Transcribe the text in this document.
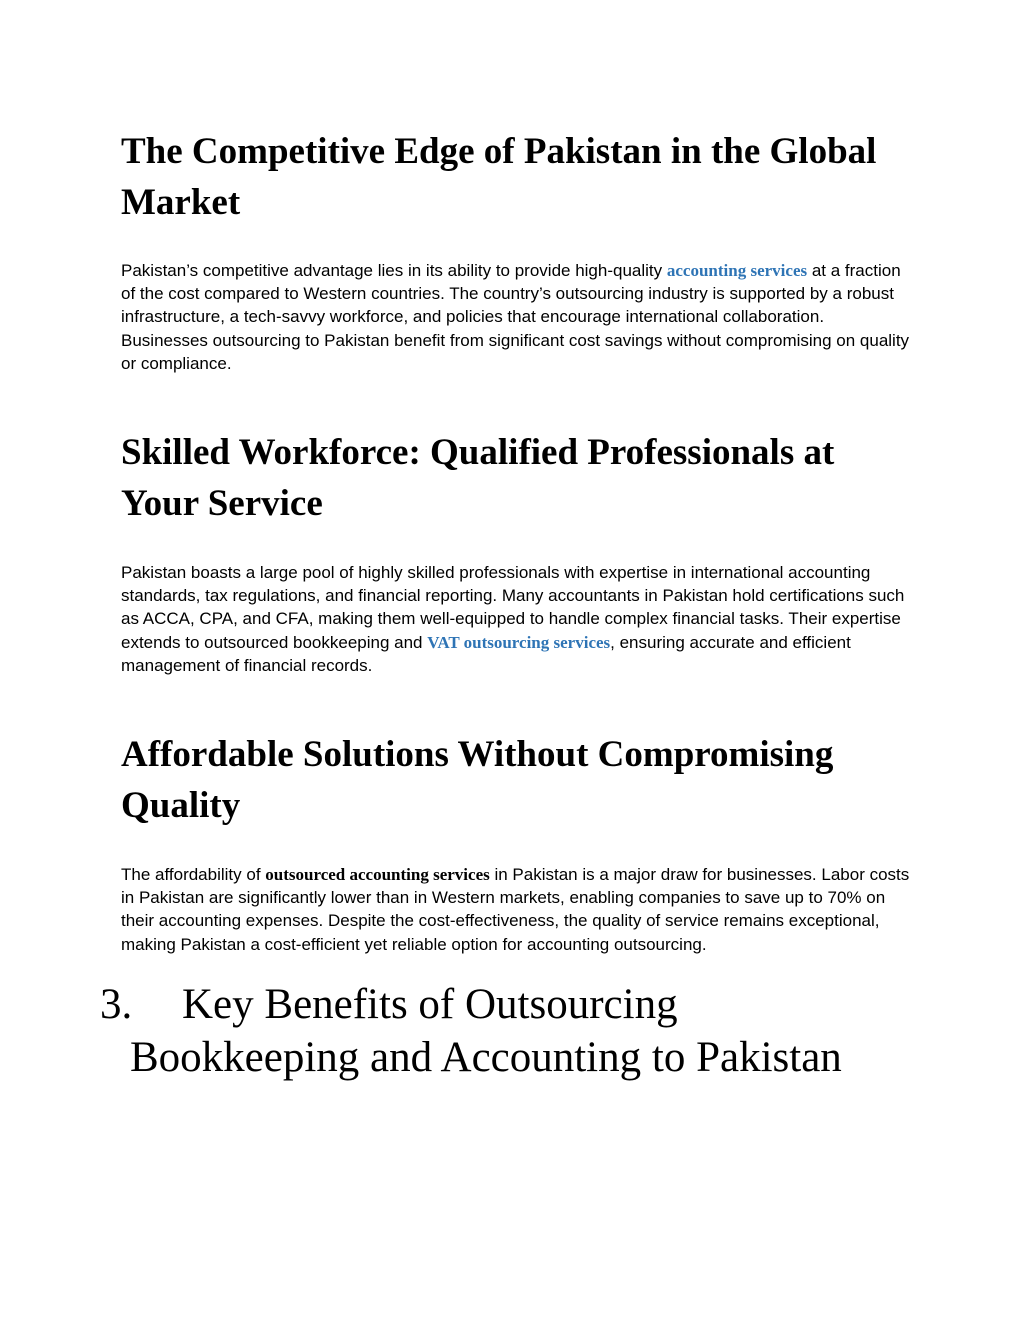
The Competitive Edge of Pakistan in the Global Market

Pakistan’s competitive advantage lies in its ability to provide high-quality accounting services at a fraction of the cost compared to Western countries. The country’s outsourcing industry is supported by a robust infrastructure, a tech-savvy workforce, and policies that encourage international collaboration. Businesses outsourcing to Pakistan benefit from significant cost savings without compromising on quality or compliance.

Skilled Workforce: Qualified Professionals at Your Service

Pakistan boasts a large pool of highly skilled professionals with expertise in international accounting standards, tax regulations, and financial reporting. Many accountants in Pakistan hold certifications such as ACCA, CPA, and CFA, making them well-equipped to handle complex financial tasks. Their expertise extends to outsourced bookkeeping and VAT outsourcing services, ensuring accurate and efficient management of financial records.

Affordable Solutions Without Compromising Quality

The affordability of outsourced accounting services in Pakistan is a major draw for businesses. Labor costs in Pakistan are significantly lower than in Western markets, enabling companies to save up to 70% on their accounting expenses. Despite the cost-effectiveness, the quality of service remains exceptional, making Pakistan a cost-efficient yet reliable option for accounting outsourcing.

3. Key Benefits of Outsourcing
Bookkeeping and Accounting to Pakistan
